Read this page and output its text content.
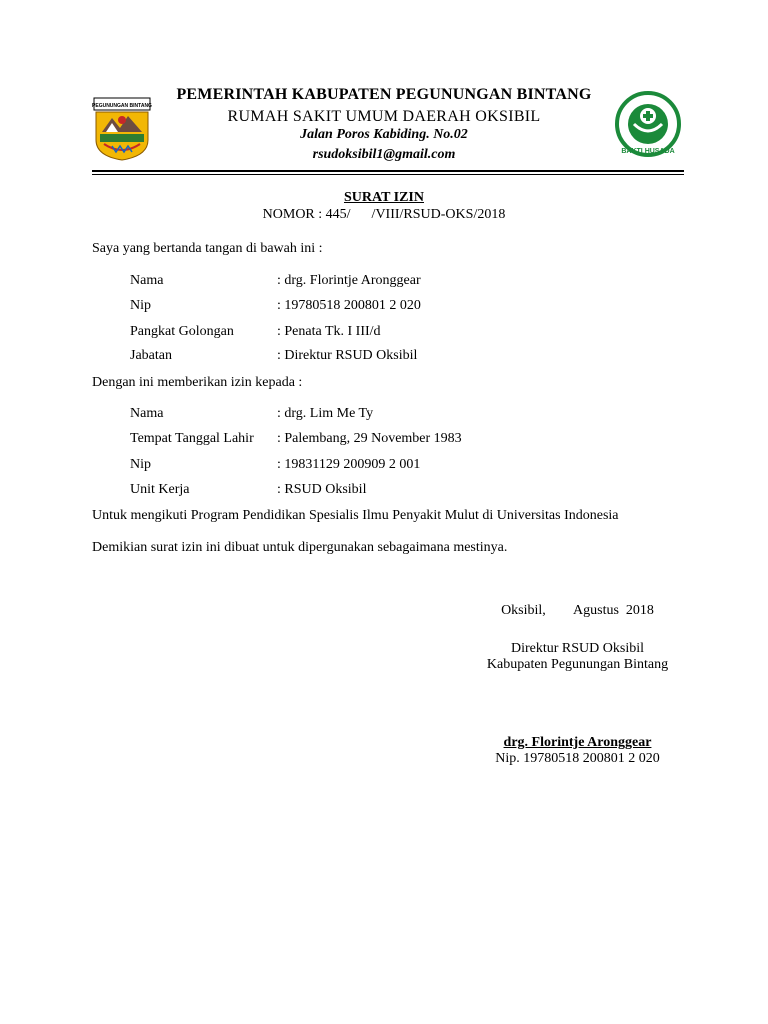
PEGUNUNGAN BINTANG
BAKTI HUSADA
PEMERINTAH KABUPATEN PEGUNUNGAN BINTANG
RUMAH SAKIT UMUM DAERAH OKSIBIL
Jalan Poros Kabiding. No.02
rsudoksibil1@gmail.com
SURAT IZIN
NOMOR : 445/      /VIII/RSUD-OKS/2018
Saya yang bertanda tangan di bawah ini :
Nama	: drg. Florintje Aronggear
Nip	: 19780518 200801 2 020
Pangkat Golongan	: Penata Tk. I III/d
Jabatan	: Direktur RSUD Oksibil
Dengan ini memberikan izin kepada :
Nama	: drg. Lim Me Ty
Tempat Tanggal Lahir : Palembang, 29 November 1983
Nip	: 19831129 200909 2 001
Unit Kerja	: RSUD Oksibil
Untuk mengikuti Program Pendidikan Spesialis Ilmu Penyakit Mulut di Universitas Indonesia
Demikian surat izin ini dibuat untuk dipergunakan sebagaimana mestinya.
Oksibil,        Agustus  2018
Direktur RSUD Oksibil
Kabupaten Pegunungan Bintang
drg. Florintje Aronggear
Nip. 19780518 200801 2 020
